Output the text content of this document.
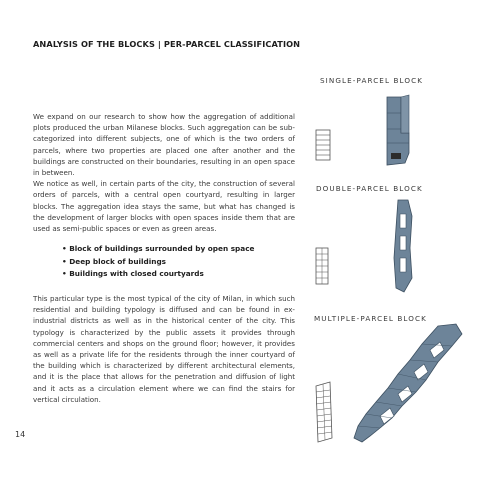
ANALYSIS OF THE BLOCKS | PER-PARCEL CLASSIFICATION

We expand on our research to show how the aggregation of additional plots produced the urban Milanese blocks. Such aggregation can be sub-categorized into different subjects, one of which is the two orders of parcels, where two properties are placed one after another and the buildings are constructed on their boundaries, resulting in an open space in between.

We notice as well, in certain parts of the city, the construction of several orders of parcels, with a central open courtyard, resulting in larger blocks. The aggregation idea stays the same, but what has changed is the development of larger blocks with open spaces inside them that are used as semi-public spaces or even as green areas.

• Block of buildings surrounded by open space
• Deep block of buildings
• Buildings with closed courtyards

This particular type is the most typical of the city of Milan, in which such residential and building typology is diffused and can be found in ex-industrial districts as well as in the historical center of the city. This typology is characterized by the public assets it provides through commercial centers and shops on the ground floor; however, it provides as well as a private life for the residents through the inner courtyard of the building which is characterized by different architectural elements, and it is the place that allows for the penetration and diffusion of light and it acts as a circulation element where we can find the stairs for vertical circulation.

14
SINGLE-PARCEL BLOCK
DOUBLE-PARCEL BLOCK
MULTIPLE-PARCEL BLOCK
